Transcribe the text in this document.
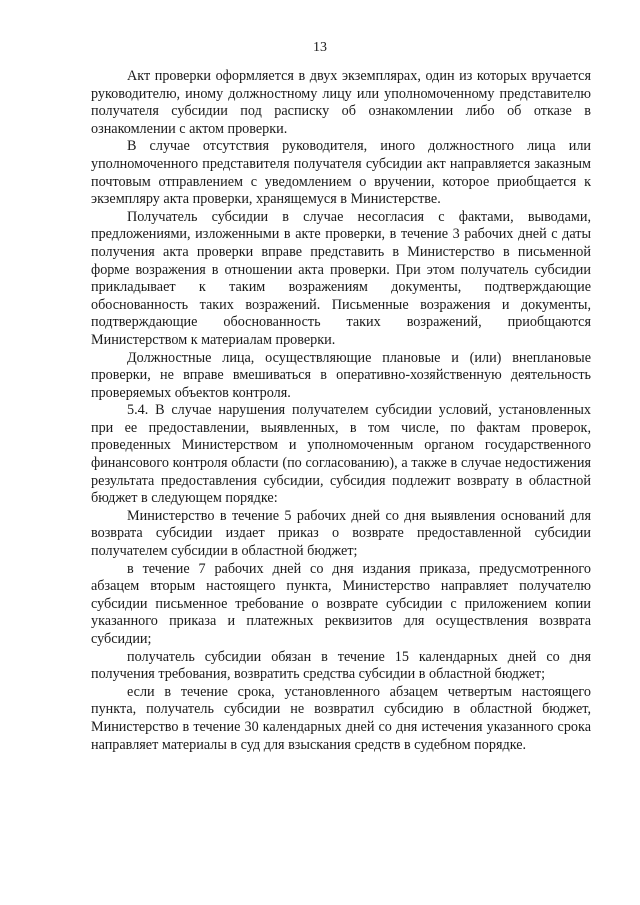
13

Акт проверки оформляется в двух экземплярах, один из которых вручается руководителю, иному должностному лицу или уполномоченному представителю получателя субсидии под расписку об ознакомлении либо об отказе в ознакомлении с актом проверки.

В случае отсутствия руководителя, иного должностного лица или уполномоченного представителя получателя субсидии акт направляется заказным почтовым отправлением с уведомлением о вручении, которое приобщается к экземпляру акта проверки, хранящемуся в Министерстве.

Получатель субсидии в случае несогласия с фактами, выводами, предложениями, изложенными в акте проверки, в течение 3 рабочих дней с даты получения акта проверки вправе представить в Министерство в письменной форме возражения в отношении акта проверки. При этом получатель субсидии прикладывает к таким возражениям документы, подтверждающие обоснованность таких возражений. Письменные возражения и документы, подтверждающие обоснованность таких возражений, приобщаются Министерством к материалам проверки.

Должностные лица, осуществляющие плановые и (или) внеплановые проверки, не вправе вмешиваться в оперативно-хозяйственную деятельность проверяемых объектов контроля.

5.4. В случае нарушения получателем субсидии условий, установленных при ее предоставлении, выявленных, в том числе, по фактам проверок, проведенных Министерством и уполномоченным органом государственного финансового контроля области (по согласованию), а также в случае недостижения результата предоставления субсидии, субсидия подлежит возврату в областной бюджет в следующем порядке:

Министерство в течение 5 рабочих дней со дня выявления оснований для возврата субсидии издает приказ о возврате предоставленной субсидии получателем субсидии в областной бюджет;

в течение 7 рабочих дней со дня издания приказа, предусмотренного абзацем вторым настоящего пункта, Министерство направляет получателю субсидии письменное требование о возврате субсидии с приложением копии указанного приказа и платежных реквизитов для осуществления возврата субсидии;

получатель субсидии обязан в течение 15 календарных дней со дня получения требования, возвратить средства субсидии в областной бюджет;

если в течение срока, установленного абзацем четвертым настоящего пункта, получатель субсидии не возвратил субсидию в областной бюджет, Министерство в течение 30 календарных дней со дня истечения указанного срока направляет материалы в суд для взыскания средств в судебном порядке.
